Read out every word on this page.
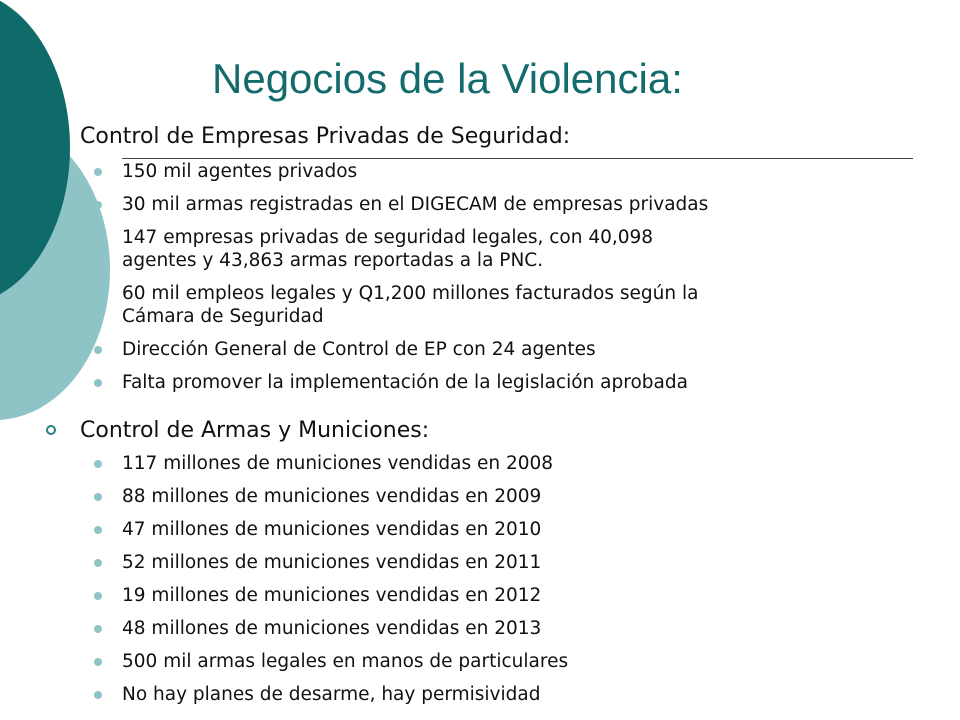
Negocios de la Violencia:
Control de Empresas Privadas de Seguridad:
150 mil agentes privados
30 mil armas registradas en el DIGECAM de empresas privadas
147 empresas privadas de seguridad legales, con 40,098
agentes y 43,863 armas reportadas a la PNC.
60 mil empleos legales y Q1,200 millones facturados según la
Cámara de Seguridad
Dirección General de Control de EP con 24 agentes
Falta promover la implementación de la legislación aprobada
Control de Armas y Municiones:
117 millones de municiones vendidas en 2008
88 millones de municiones vendidas en 2009
47 millones de municiones vendidas en 2010
52 millones de municiones vendidas en 2011
19 millones de municiones vendidas en 2012
48 millones de municiones vendidas en 2013
500 mil armas legales en manos de particulares
No hay planes de desarme, hay permisividad
